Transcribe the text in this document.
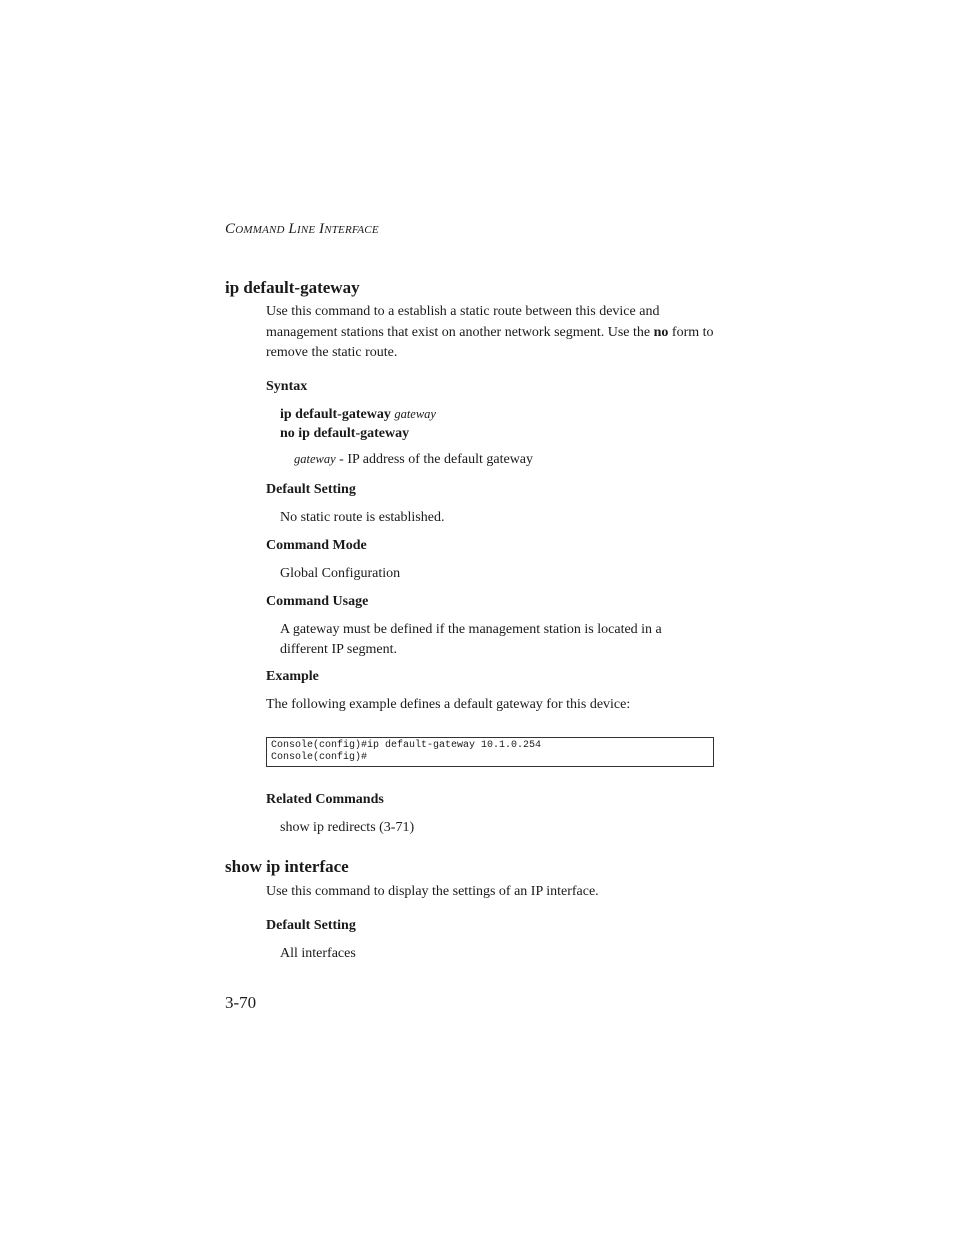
COMMAND LINE INTERFACE
ip default-gateway
Use this command to a establish a static route between this device and management stations that exist on another network segment. Use the no form to remove the static route.
Syntax
ip default-gateway gateway
no ip default-gateway
gateway - IP address of the default gateway
Default Setting
No static route is established.
Command Mode
Global Configuration
Command Usage
A gateway must be defined if the management station is located in a different IP segment.
Example
The following example defines a default gateway for this device:
Console(config)#ip default-gateway 10.1.0.254
Console(config)#
Related Commands
show ip redirects (3-71)
show ip interface
Use this command to display the settings of an IP interface.
Default Setting
All interfaces
3-70
